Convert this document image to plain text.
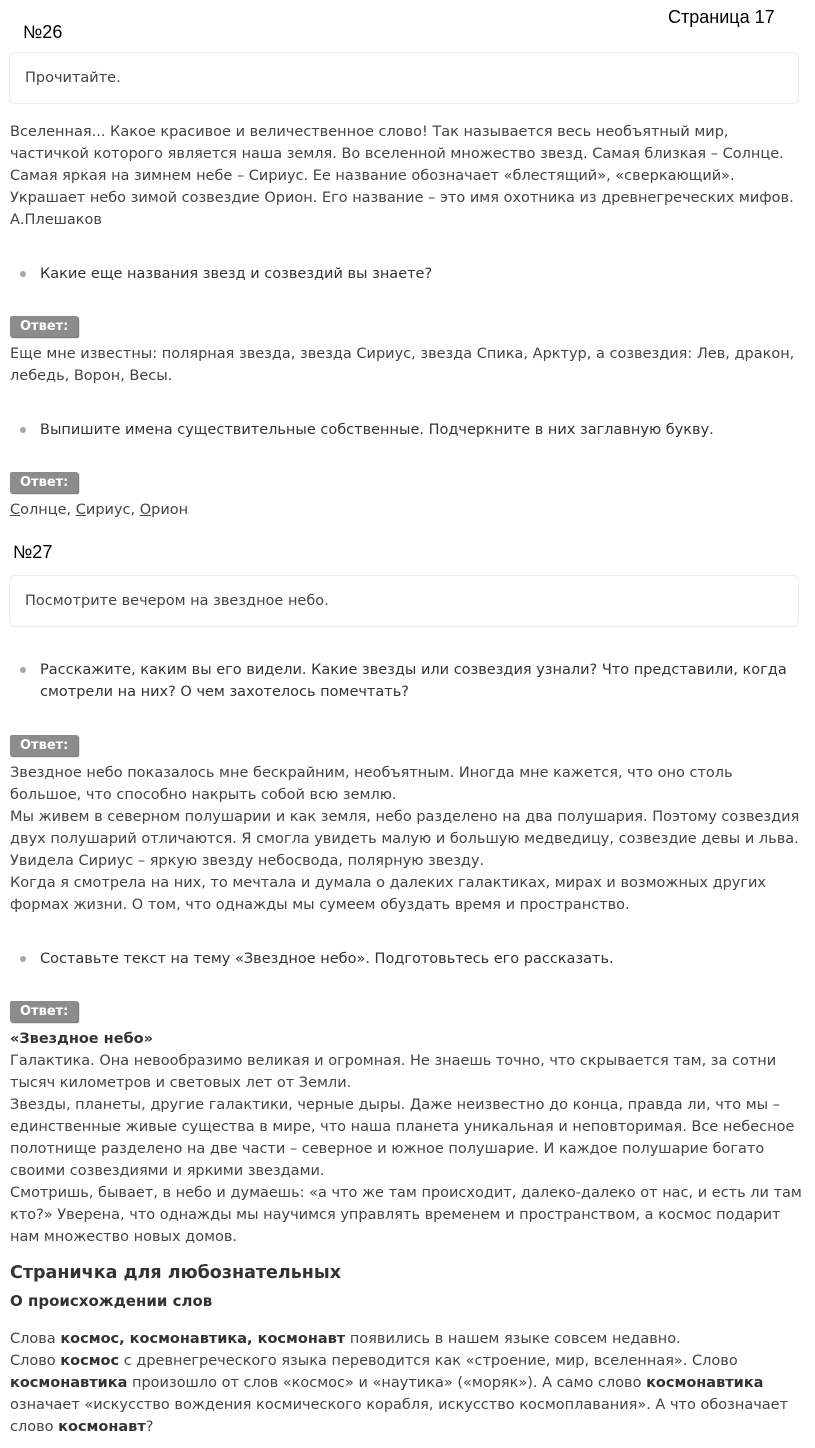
Страница 17
№26
Прочитайте.

Вселенная... Какое красивое и величественное слово! Так называется весь необъятный мир, частичкой которого является наша земля. Во вселенной множество звезд. Самая близкая – Солнце. Самая яркая на зимнем небе – Сириус. Ее название обозначает «блестящий», «сверкающий». Украшает небо зимой созвездие Орион. Его название – это имя охотника из древнегреческих мифов.

А.Плешаков

Какие еще названия звезд и созвездий вы знаете?
Ответ:
Еще мне известны: полярная звезда, звезда Сириус, звезда Спика, Арктур, а созвездия: Лев, дракон, лебедь, Ворон, Весы.
Выпишите имена существительные собственные. Подчеркните в них заглавную букву.
Ответ:
Солнце, Сириус, Орион
№27
Посмотрите вечером на звездное небо.
Расскажите, каким вы его видели. Какие звезды или созвездия узнали? Что представили, когда смотрели на них? О чем захотелось помечтать?
Ответ:

Звездное небо показалось мне бескрайним, необъятным. Иногда мне кажется, что оно столь большое, что способно накрыть собой всю землю.

Мы живем в северном полушарии и как земля, небо разделено на два полушария. Поэтому созвездия двух полушарий отличаются. Я смогла увидеть малую и большую медведицу, созвездие девы и льва. Увидела Сириус – яркую звезду небосвода, полярную звезду.

Когда я смотрела на них, то мечтала и думала о далеких галактиках, мирах и возможных других формах жизни. О том, что однажды мы сумеем обуздать время и пространство.

Составьте текст на тему «Звездное небо». Подготовьтесь его рассказать.
Ответ:

«Звездное небо»

Галактика. Она невообразимо великая и огромная. Не знаешь точно, что скрывается там, за сотни тысяч километров и световых лет от Земли.

Звезды, планеты, другие галактики, черные дыры. Даже неизвестно до конца, правда ли, что мы – единственные живые существа в мире, что наша планета уникальная и неповторимая. Все небесное полотнище разделено на две части – северное и южное полушарие. И каждое полушарие богато своими созвездиями и яркими звездами.

Смотришь, бывает, в небо и думаешь: «а что же там происходит, далеко-далеко от нас, и есть ли там кто?» Уверена, что однажды мы научимся управлять временем и пространством, а космос подарит нам множество новых домов.

Страничка для любознательных
О происхождении слов

Слова космос, космонавтика, космонавт появились в нашем языке совсем недавно.

Слово космос с древнегреческого языка переводится как «строение, мир, вселенная». Слово космонавтика произошло от слов «космос» и «наутика» («моряк»). А само слово космонавтика означает «искусство вождения космического корабля, искусство космоплавания». А что обозначает слово космонавт?
